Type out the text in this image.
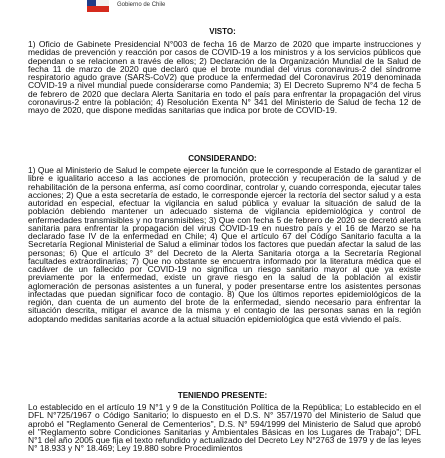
Gobierno de Chile
VISTO:
1) Oficio de Gabinete Presidencial N°003 de fecha 16 de Marzo de 2020 que imparte instrucciones y medidas de prevención y reacción por casos de COVID-19 a los ministros y a los servicios públicos que dependan o se relacionen a través de ellos; 2) Declaración de la Organización Mundial de la Salud de fecha 11 de marzo de 2020 que declaró que el brote mundial del virus coronavirus-2 del síndrome respiratorio agudo grave (SARS-CoV2) que produce la enfermedad del Coronavirus 2019 denominada COVID-19 a nivel mundial puede considerarse como Pandemia; 3) El Decreto Supremo N°4 de fecha 5 de febrero de 2020 que declara Alerta Sanitaria en todo el país para enfrentar la propagación del virus coronavirus-2 entre la población; 4) Resolución Exenta N° 341 del Ministerio de Salud de fecha 12 de mayo de 2020, que dispone medidas sanitarias que indica por brote de COVID-19.
CONSIDERANDO:
1) Que al Ministerio de Salud le compete ejercer la función que le corresponde al Estado de garantizar el libre e igualitario acceso a las acciones de promoción, protección y recuperación de la salud y de rehabilitación de la persona enferma, así como coordinar, controlar y, cuando corresponda, ejecutar tales acciones; 2) Que a esta secretaría de estado, le corresponde ejercer la rectoría del sector salud y a esta autoridad en especial, efectuar la vigilancia en salud pública y evaluar la situación de salud de la población debiendo mantener un adecuado sistema de vigilancia epidemiológica y control de enfermedades transmisibles y no transmisibles; 3) Que con fecha 5 de febrero de 2020 se decretó alerta sanitaria para enfrentar la propagación del virus COVID-19 en nuestro país y el 16 de Marzo se ha declarado fase IV de la enfermedad en Chile; 4) Que el artículo 67 del Código Sanitario faculta a la Secretaría Regional Ministerial de Salud a eliminar todos los factores que puedan afectar la salud de las personas; 6) Que el artículo 3° del Decreto de la Alerta Sanitaria otorga a la Secretaría Regional facultades extraordinarias; 7) Que no obstante se encuentra informado por la literatura médica que el cadáver de un fallecido por COVID-19 no significa un riesgo sanitario mayor al que ya existe previamente por la enfermedad, existe un grave riesgo en la salud de la población al existir aglomeración de personas asistentes a un funeral, y poder presentarse entre los asistentes personas infectadas que puedan significar foco de contagio. 8) Que los últimos reportes epidemiológicos de la región, dan cuenta de un aumento del brote de la enfermedad, siendo necesario para enfrentar la situación descrita, mitigar el avance de la misma y el contagio de las personas sanas en la región adoptando medidas sanitarias acorde a la actual situación epidemiológica que está viviendo el país.
TENIENDO PRESENTE:
Lo establecido en el artículo 19 N°1 y 9 de la Constitución Política de la República; Lo establecido en el DFL N°725/1967 o Código Sanitario; lo dispuesto en el D.S. N° 357/1970 del Ministerio de Salud que aprobó el "Reglamento General de Cementerios", D.S. N° 594/1999 del Ministerio de Salud que aprobó el "Reglamento sobre Condiciones Sanitarias y Ambientales Básicas en los Lugares de Trabajo"; DFL N°1 del año 2005 que fija el texto refundido y actualizado del Decreto Ley N°2763 de 1979 y de las leyes N° 18.933 y N° 18.469; Ley 19.880 sobre Procedimientos
